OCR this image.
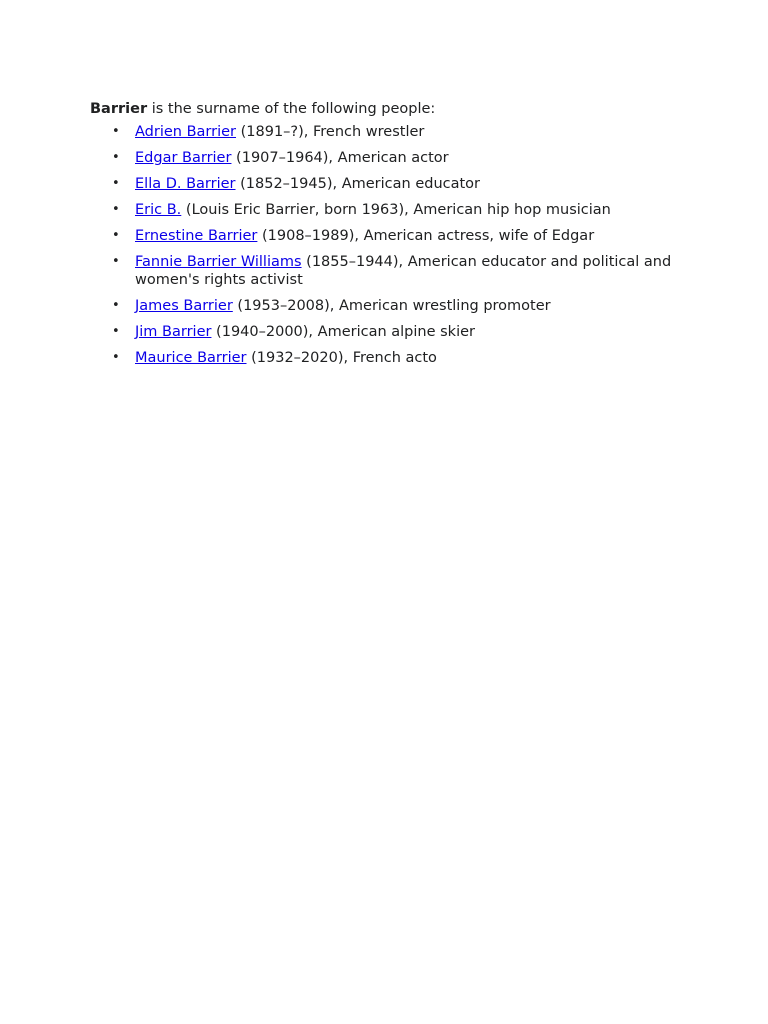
Barrier is the surname of the following people:

• Adrien Barrier (1891–?), French wrestler
• Edgar Barrier (1907–1964), American actor
• Ella D. Barrier (1852–1945), American educator
• Eric B. (Louis Eric Barrier, born 1963), American hip hop musician
• Ernestine Barrier (1908–1989), American actress, wife of Edgar
• Fannie Barrier Williams (1855–1944), American educator and political and women's rights activist
• James Barrier (1953–2008), American wrestling promoter
• Jim Barrier (1940–2000), American alpine skier
• Maurice Barrier (1932–2020), French acto
